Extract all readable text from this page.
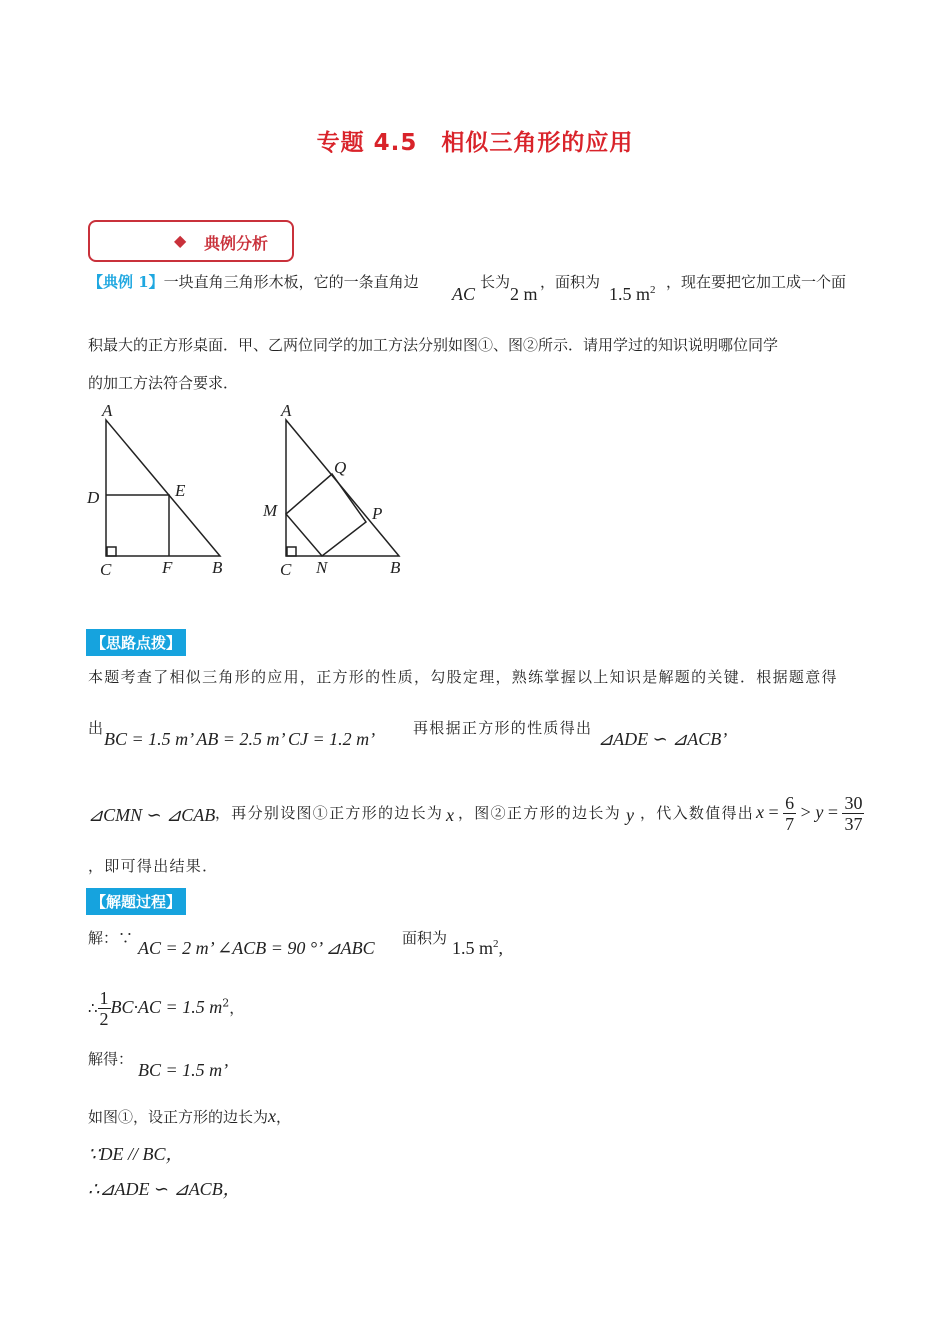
专题 4.5　相似三角形的应用
◆ 典例分析
【典例 1】一块直角三角形木板，它的一条直角边
AC
长为
2 m
，面积为
1.5 $m^2$ ，现在要把它加工成一个面
积最大的正方形桌面．甲、乙两位同学的加工方法分别如图①、图②所示．请用学过的知识说明哪位同学
的加工方法符合要求．
A
D	E
C	F B
A
Q
M	P
C N	B
【思路点拨】
本题考查了相似三角形的应用，正方形的性质，勾股定理，熟练掌握以上知识是解题的关键．根据题意得
出
BC = 1.5 m’ AB = 2.5 m’ CJ = 1.2 m’
再根据正方形的性质得出
⊿ADE ∽ ⊿ACB’
⊿CMN ∽ ⊿CAB ，再分别设图①正方形的边长为 x ，图②正方形的边长为 y ，代入数值得出 $x = \frac{6}{7} > y = \frac{30}{37}$
，即可得出结果．
【解题过程】
解：∵ AC = 2 m’ ∠ACB = 90 °’ ⊿ABC 面积为 1.5 $m^2$,
∴ $\frac{1}{2} BC\cdot AC = 1.5$ $m^2$，
解得：
BC = 1.5 m’
如图①，设正方形的边长为x，
∵DE // BC，
∴⊿ADE ∽ ⊿ACB，
